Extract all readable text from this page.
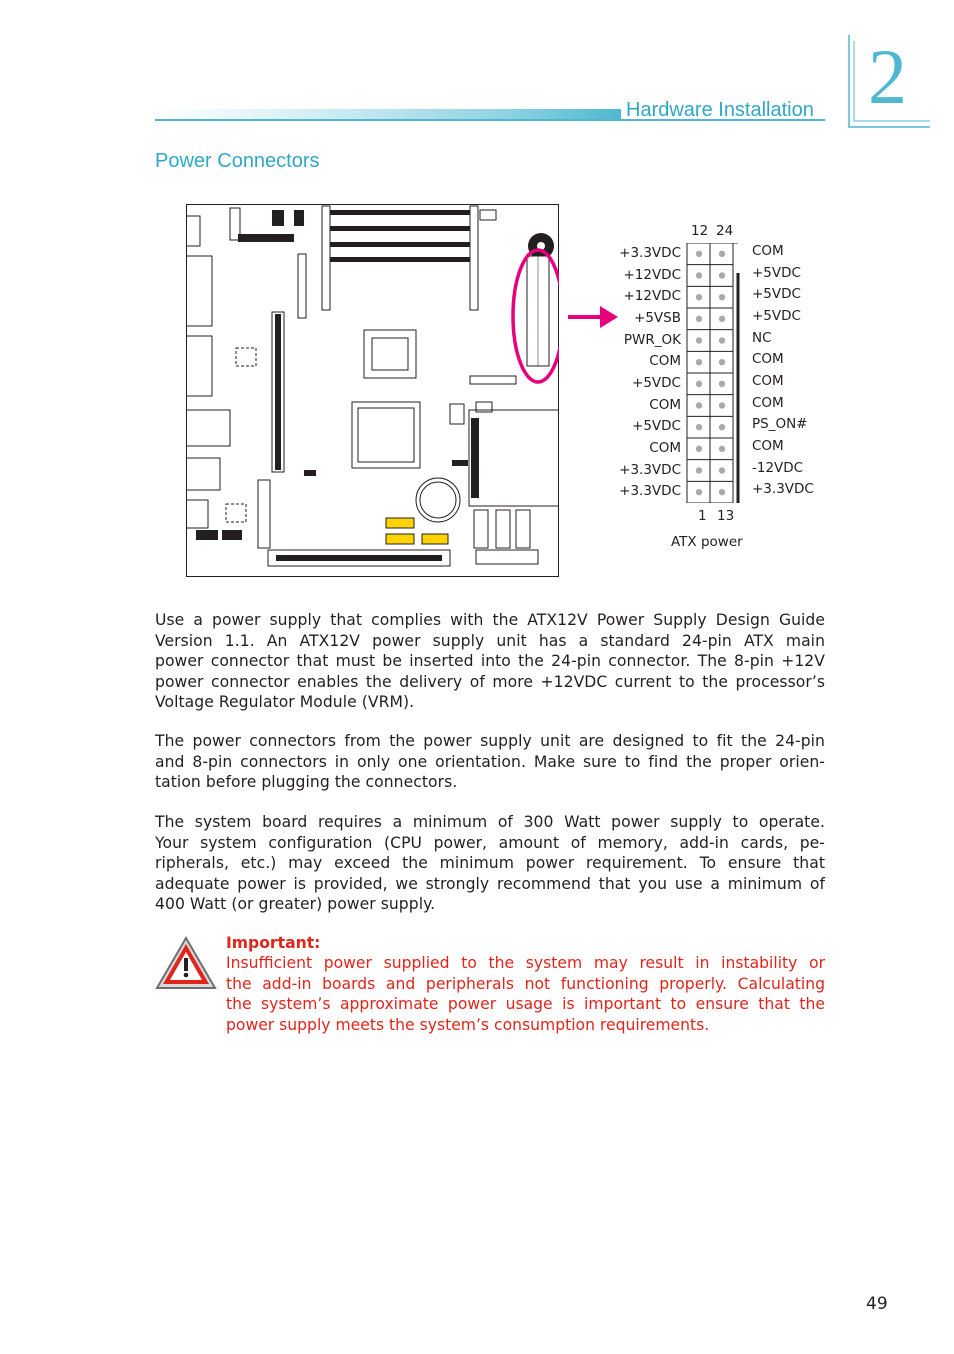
Hardware Installation 2
Power Connectors
12 24
+3.3VDC
+12VDC
+12VDC
+5VSB
PWR_OK
COM
+5VDC
COM
+5VDC
COM
+3.3VDC
+3.3VDC
COM
+5VDC
+5VDC
+5VDC
NC
COM
COM
COM
PS_ON#
COM
-12VDC
+3.3VDC
1 13
ATX power
Use a power supply that complies with the ATX12V Power Supply Design Guide
Version 1.1. An ATX12V power supply unit has a standard 24-pin ATX main
power connector that must be inserted into the 24-pin connector. The 8-pin +12V
power connector enables the delivery of more +12VDC current to the processor’s
Voltage Regulator Module (VRM).
The power connectors from the power supply unit are designed to fit the 24-pin
and 8-pin connectors in only one orientation. Make sure to find the proper orien-
tation before plugging the connectors.
The system board requires a minimum of 300 Watt power supply to operate.
Your system configuration (CPU power, amount of memory, add-in cards, pe-
ripherals, etc.) may exceed the minimum power requirement. To ensure that
adequate power is provided, we strongly recommend that you use a minimum of
400 Watt (or greater) power supply.
Important:
Insufficient power supplied to the system may result in instability or
the add-in boards and peripherals not functioning properly. Calculating
the system’s approximate power usage is important to ensure that the
power supply meets the system’s consumption requirements.
49
